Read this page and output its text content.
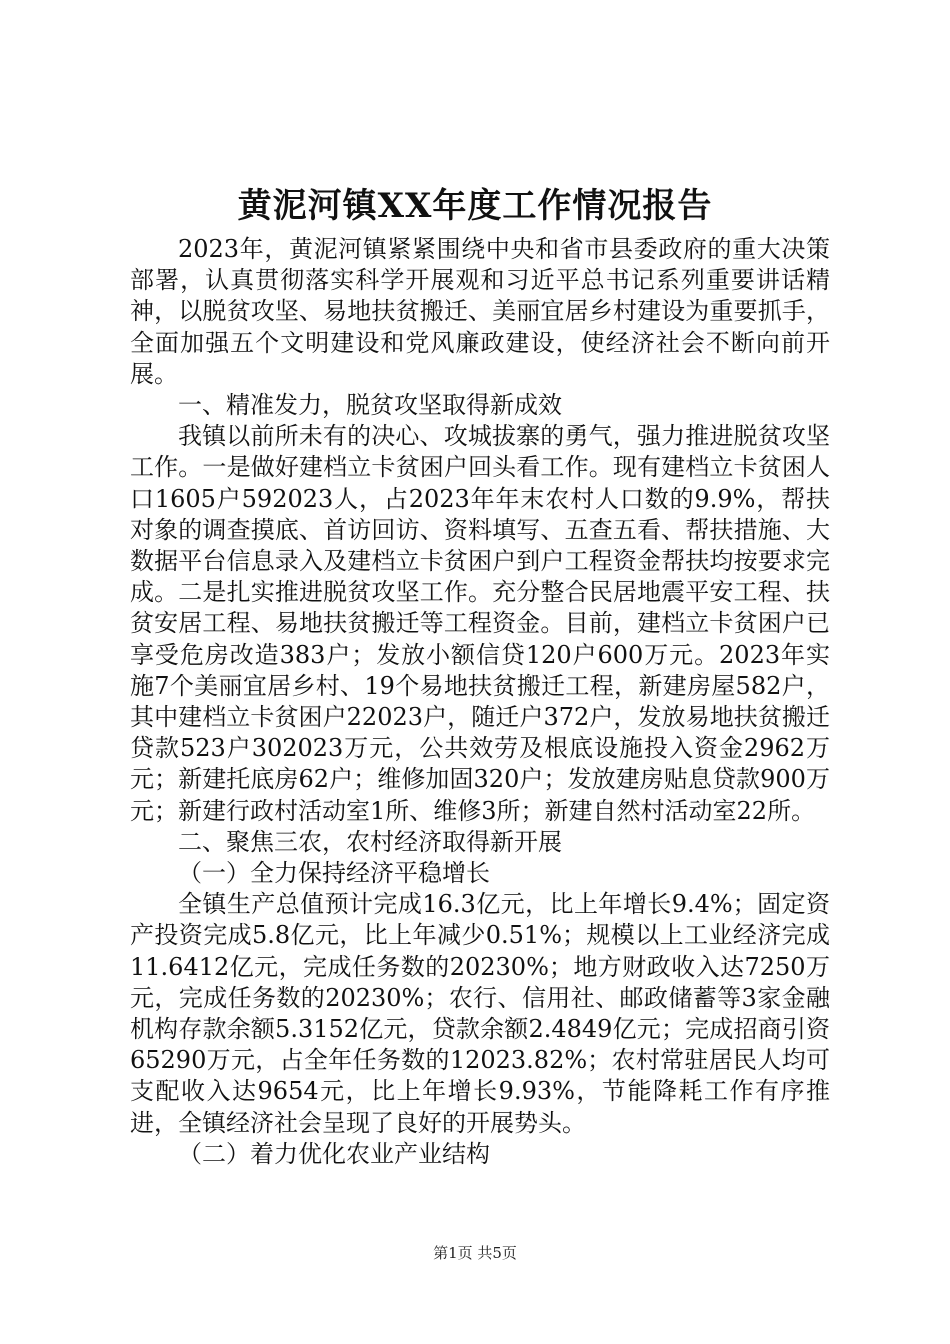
黄泥河镇XX年度工作情况报告

2023年，黄泥河镇紧紧围绕中央和省市县委政府的重大决策部署，认真贯彻落实科学开展观和习近平总书记系列重要讲话精神，以脱贫攻坚、易地扶贫搬迁、美丽宜居乡村建设为重要抓手，全面加强五个文明建设和党风廉政建设，使经济社会不断向前开展。

一、精准发力，脱贫攻坚取得新成效

我镇以前所未有的决心、攻城拔寨的勇气，强力推进脱贫攻坚工作。一是做好建档立卡贫困户回头看工作。现有建档立卡贫困人口1605户592023人，占2023年年末农村人口数的9.9%，帮扶对象的调查摸底、首访回访、资料填写、五查五看、帮扶措施、大数据平台信息录入及建档立卡贫困户到户工程资金帮扶均按要求完成。二是扎实推进脱贫攻坚工作。充分整合民居地震平安工程、扶贫安居工程、易地扶贫搬迁等工程资金。目前，建档立卡贫困户已享受危房改造383户；发放小额信贷120户600万元。2023年实施7个美丽宜居乡村、19个易地扶贫搬迁工程，新建房屋582户，其中建档立卡贫困户22023户，随迁户372户，发放易地扶贫搬迁贷款523户302023万元，公共效劳及根底设施投入资金2962万元；新建托底房62户；维修加固320户；发放建房贴息贷款900万元；新建行政村活动室1所、维修3所；新建自然村活动室22所。

二、聚焦三农，农村经济取得新开展

（一）全力保持经济平稳增长

全镇生产总值预计完成16.3亿元，比上年增长9.4%；固定资产投资完成5.8亿元，比上年减少0.51%；规模以上工业经济完成11.6412亿元，完成任务数的20230%；地方财政收入达7250万元，完成任务数的20230%；农行、信用社、邮政储蓄等3家金融机构存款余额5.3152亿元，贷款余额2.4849亿元；完成招商引资65290万元，占全年任务数的12023.82%；农村常驻居民人均可支配收入达9654元，比上年增长9.93%，节能降耗工作有序推进，全镇经济社会呈现了良好的开展势头。

（二）着力优化农业产业结构

第1页 共5页
